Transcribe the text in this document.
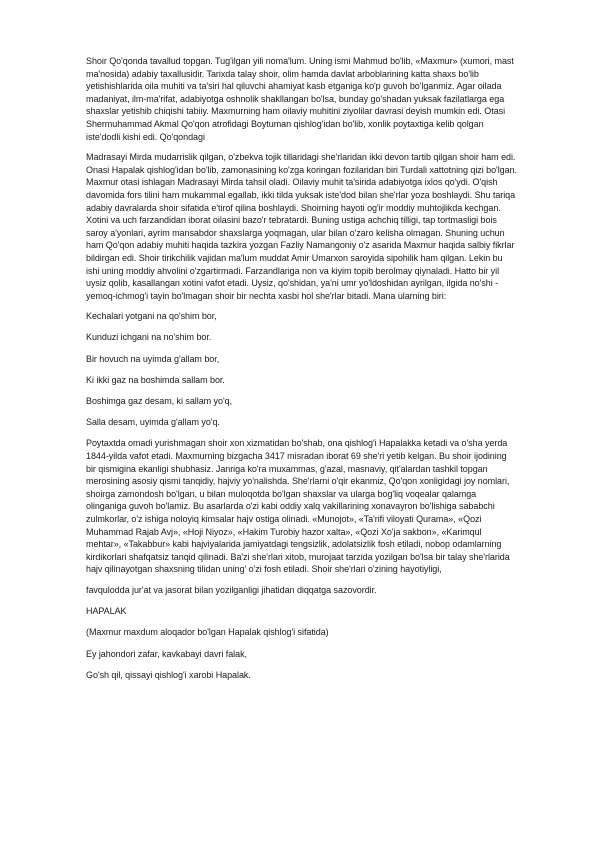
Shoir Qo'qonda tavallud topgan. Tug'ilgan yili noma'lum. Uning ismi Mahmud bo'lib, «Maxmur» (xumori, mast ma'nosida) adabiy taxallusidir. Tarixda talay shoir, olim hamda davlat arboblarining katta shaxs bo'lib yetishishlarida oila muhiti va ta'siri hal qiluvchi ahamiyat kasb etganiga ko'p guvoh bo'lganmiz. Agar oilada madaniyat, ilm-ma'rifat, adabiyotga oshnolik shakllangan bo'lsa, bunday go'shadan yuksak fazilatlarga ega shaxslar yetishib chiqishi tabiiy. Maxmurning ham oilaviy muhitini ziyolilar davrasi deyish mumkin edi. Otasi Shermuhammad Akmal Qo'qon atrofidagi Boytuman qishlog'idan bo'lib, xonlik poytaxtiga kelib qolgan iste'dodli kishi edi. Qo'qondagi

Madrasayi Mirda mudarrislik qilgan, o'zbekva tojik tillaridagi she'rlaridan ikki devon tartib qilgan shoir ham edi. Onasi Hapalak qishlog'idan bo'lib, zamonasining ko'zga koringan fozilaridan biri Turdali xattotning qizi bo'lgan. Maxmur otasi ishlagan Madrasayi Mirda tahsil oladi. Oilaviy muhit ta'sirida adabiyotga ixlos qo'ydi. O'qish davomida fors tilini ham mukammal egallab, ikki tilda yuksak iste'dod bilan she'rlar yoza boshlaydi. Shu tariqa adabiy davralarda shoir sifatida e'tirof qilina boshlaydi. Shoirning hayoti og'ir moddiy muhtojlikda kechgan. Xotini va uch farzandidan iborat oilasini bazo'r tebratardi. Buning ustiga achchiq tilligi, tap tortmasligi bois saroy a'yonlari, ayrim mansabdor shaxslarga yoqmagan, ular bilan o'zaro kelisha olmagan. Shuning uchun ham Qo'qon adabiy muhiti haqida tazkira yozgan Fazliy Namangoniy o'z asarida Maxmur haqida salbiy fikrlar bildirgan edi. Shoir tirikchilik vajidan ma'lum muddat Amir Umarxon saroyida sipohilik ham qilgan. Lekin bu ishi uning moddiy ahvolini o'zgartirmadi. Farzandlariga non va kiyim topib berolmay qiynaladi. Hatto bir yil uysiz qolib, kasallangan xotini vafot etadi. Uysiz, qo'shidan, ya'ni umr yo'ldoshidan ayrilgan, ilgida no'shi - yemoq-ichmog'i tayin bo'lmagan shoir bir nechta xasbi hol she'rlar bitadi. Mana ularning biri:

Kechalari yotgani na qo'shim bor,

Kunduzi ichgani na no'shim bor.

Bir hovuch na uyimda g'allam bor,

Ki ikki gaz na boshimda sallam bor.

Boshimga gaz desam, ki sallam yo'q,

Salla desam, uyimda g'allam yo'q.

Poytaxtda omadi yurishmagan shoir xon xizmatidan bo'shab, ona qishlog'i Hapalakka ketadi va o'sha yerda 1844-yilda vafot etadi. Maxmurning bizgacha 3417 misradan iborat 69 she'ri yetib kelgan. Bu shoir ijodining bir qismigina ekanligi shubhasiz. Janriga ko'ra muxammas, g'azal, masnaviy, qit'alardan tashkil topgan merosining asosiy qismi tanqidiy, hajviy yo'nalishda. She'rlarni o'qir ekanmiz, Qo'qon xonligidagi joy nomlari, shoirga zamondosh bo'lgan, u bilan muloqotda bo'lgan shaxslar va ularga bog'liq voqealar qalamga olinganiga guvoh bo'lamiz. Bu asarlarda o'zi kabi oddiy xalq vakillarining xonavayron bo'lishiga sababchi zulmkorlar, o'z ishiga noloyiq kimsalar hajv ostiga olinadi. «Munojot», «Ta'rifi viloyati Qurama», «Qozi Muhammad Rajab Avj», «Hoji Niyoz», «Hakim Turobiy hazor xalta», «Qozi Xo'ja sakbon», «Karimqul mehtar», «Takabbur» kabi hajviyalarida jamiyatdagi tengsizlik, adolatsizlik fosh etiladi, nobop odamlarning kirdikorlari shafqatsiz tanqid qilinadi. Ba'zi she'rlari xitob, murojaat tarzida yozilgan bo'lsa bir talay she'rlarida hajv qilinayotgan shaxsning tilidan uning' o'zi fosh etiladi. Shoir she'rlari o'zining hayotiyligi,

favqulodda jur'at va jasorat bilan yozilganligi jihatidan diqqatga sazovordir.

HAPALAK

(Maxmur maxdum aloqador bo'lgan Hapalak qishlog'i sifatida)

Ey jahondori zafar, kavkabayi davri falak,

Go'sh qil, qissayi qishlog'i xarobi Hapalak.
